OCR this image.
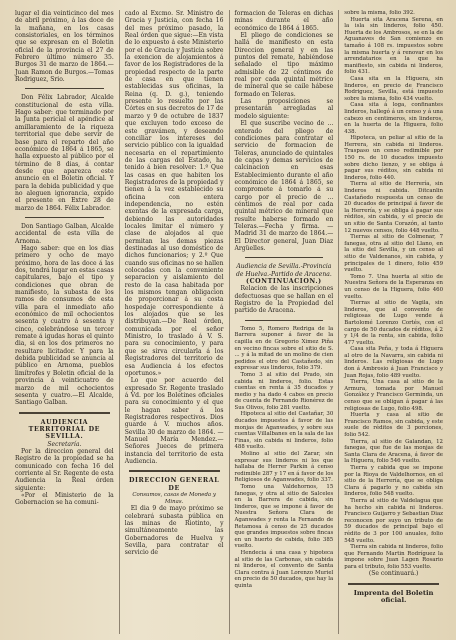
lugar el dia veinticinco del mes de abril próximo, á las doce de la mañana, en los casas consistoriales, en los términos que se expresan en el Boletin oficial de la provincia el 27 de Febrero último número 35. Burgos 31 de marzo de 1864.—Juan Ramon de Burgos.—Tomas Rodriguez, Srio.

Don Félix Labrador, Alcalde constitucional de esta villa. Hago saber: que terminado por la Junta pericial el apéndice al amillaramiento de la riqueza territorial que debe servir de base para el reparto del año económico de 1864 á 1865, se halla expuesto al público por el término de 8 dias, á contar desde que aparezca este anuncio en el Boletin oficial. Y para la debida publicidad y que no aleguen ignorancia, expido el presente en Extre 28 de marzo de 1864. Félix Labrador.

Don Santiago Galban, Alcalde accidental de esta villa de Arnoma.

Hago saber: que en los dias primero y ocho de mayo próximo, hora de las doce á las dos, tendrá lugar en estas casas capitulares, bajo el tipo y condiciones que obran de manifiesto, la subasta de los ramos de consumos de esta villa para el inmediato año económico de mil ochocientos sesenta y cuatro á sesenta y cinco, celebrándose un tercer remate á igudas horas el quinto dia, si en los dos primeros no resultare licitador. Y para la debida publicidad se anuncia al público en Arnoma, pueblos limítrofes y Boletin oficial de la provincia á veinticuatro de marzo de mil ochocientos sesenta y cuatro.—El Alcalde, Santiago Galban.

AUDIENCIA TERRITORIAL DE SEVILLA.

Secretaría.

Por la direccion general del Registro de la propiedad se ha comunicado con fecha 16 del corriente al Sr. Regente de esta Audiencia la Real órden siguiente:

«Por el Ministerio de la Gobernacion se ha comuni-

cado al Excmo. Sr. Ministro de Gracia y Justicia, con fecha 16 del mes próximo pasado, la Real órden que sigue:—En vista de lo expuesto á este Ministerio por el de Gracia y Justicia sobre la exencion de alojamientos á favor de los Registradores de la propiedad respecto de la parte de casa en que tienen establecidas sus oficinas, la Reina (q. D. g.), teniendo presente lo resuelto por las Córtes en sus decretos de 17 de marzo y 9 de octubre de 1837 que excluyen todo exceso de este gravámen, y deseando conciliar los intereses del servicio público con la igualdad necesaria en el repartimiento de las cargas del Estado, ha tenido á bien resolver: 1.º Que las casas en que habiten los Registradores de la propiedad y tienen á la vez establecido su oficina con entera independencia, no estén exentas de la expresada carga, debiendo las autoridades locales limitar el número y clase de alojados al que permitan las demas piezas destinadas al uso doméstico de dichos funcionarios; y 2.º Que cuando sus oficinas no se hallen colocadas con la conveniente separacion y aislamiento del resto de la casa habitada por los mismos tengan obligacion de proporcionar á su costa hospedaje correspondiente á los alojados que se les distribuyan.—De Real órden, comunicada por el señor Ministro, lo traslado á V. S. para su conocimiento, y para que se sirva circularla á los Registradores del territorio de esa Audiencia á los efectos oportunos.»

Lo que por acuerdo del expresado Sr. Regente traslado á Vd. por los Boletines oficiales para su conocimiento y el que le hagan saber á los Registradores respectivos. Dios guarde á V. muchos años. Sevilla 30 de marzo de 1864. —Manuel María Mendez.—Señores Jueces de primera instancia del territorio de esta Audiencia.

DIRECCION GENERAL DE

Consumos, casas de Moneda y Minas.

El dia 9 de mayo próximo se celebrará subasta pública en las minas de Riotinto, y simultáneamente las Gobernadores de Huelva y Sevilla, para contratar el servicio de

formacion de Teleras en dichas minas durante el año económico de 1864 á 1865.

El pliego de condiciones se hallá de manifiesto en esta Direccion general y en las puntos del remate, habiéndose señalado el tipo máximo admisible de 22 céntimos de real por cada quintal métrico de mineral que se caile hábese formado en Teleras.

Las proposiciones se presentarán arregladas al modelo siguiente:

El que suscribe vecino de ... enterado del pliego de condiciones para contratar el servicio de formacion de Teleras, anunciado de quintales de capas y demas servicios de calcinacion en esas Establecimiento durante el año económico de 1864 á 1865, se compromete á tomarlo á su cargo por el precio de ... céntimos de real por cada quintal métrico de mineral que resulte haberse formado en Teleras.—Fecha y firma. —Madrid 31 de marzo de 1864.—El Director general, Juan Diaz Argüelles.

Audiencia de Sevilla.-Provincia de Huelva.-Partido de Aracena.

(CONTINUACION.)

Relacion de las inscripciones defectuosas que se hallan en el Registro de la Propiedad del partido de Aracena.

Tomo 5, Romero Redriga de la Barrera suponer á favor de la capilla en de Gregorio Ximez Piña en vecino fincas sobre el sitio de S. ... y á la mitad de un molino de cien pedidos el otro del Castañedo, sin expresar sus linderos, folio 379.

Tomo 3 al sitio del Prado, sin cabida ni linderos, folio. Estas cuentas en renta á 35 ducados y medio y ha dado 4 cabos en precio de cuenta de Fernando Rionérez de Sus Olivos, folio 281 vuelto.

Hipoteca al sitio del Castañar, 30 ducados impuestos á favor de las monjas de Aganwades, y sobre sus cuentas Villalbanes en la sala de las Finas, sin cabida ni linderos, folio 488 vuelto.

Molino al sitio del Zarar, sin expresar sus linderos ni los que hallaba de Herrer Parkin á censo redimible 287 y 17 en á favor de los Religiosos de Aganwades, folio 337.

Tomo una Valdehornos, 15 fanegas, y otra al sitio de Salceles en la Barrera de cabida, sin linderos, que se impone á favor de Nuestra Señora Clara de Aganwades y renta la Fernando de Retamosa á censo de 25 ducados que grandes impuestos sobre fincas en un huerto de cabida, folio 385 vuelto.

Hendecia á una casa y hipoteca al sitio de las Carbonas, sin cabida ni linderos, el convento de Santa Clara contra á Juan Lorenzo Muriel en precio de 50 ducados, que hay la quinta

sobre la misma, folio 392.

Huerta sita Aracena Serena, en la isla sin linderos, folio 450. Huerta de los Ambrosos, se en la de Aguanaves de San comienzo en tamaño á 108 rs. impuestos sobre la misma huerta y á renovar en los arrendatarios en la que ha manifiesto, sin cabida ni linderos, folio 431.

Casa sita en la Higuera, sin linderos, en precio de Francisco Rodriguez, Sevilla, está impuesto sobre la misma, folio 434 vuelto.

Casa sita á loga, confinantes linderos, hallegó á un censo y á una cabezo en centimeros, sin linderos, en la huerta de la Higuera, folio 438.

Hipoteca, un peliar al sitio de la Herrera, sin cabida ni linderos. Traspaso un censo redimible por 150 rs. de 10 ducados impuesto sobre dicho lienzo, y se obliga á pagar sus réditos, sin cabida ni linderos, folio 440.

Tierra al sitio de Herrería, sin linderos ni cabida. Ditcanlin Castañedo respuesta un censo de 20 ducados de principal á favor de la Herrería, y se obliga á pagar sus réditos, sin cabida, y el precio de un sitio de Santa Corazón, al tanto 12 nuevos censos, folio 448 vuelto.

Tierras al sitio de Colmenar, 7 fanegas, otra al sitio del Llano, en la sitio del Sevilla, y un censo al sitio de Valdenanos, sin cabida, y principales de 1 dinero, folio 459 vuelto.

Tomo 7. Una huerta al sitio de Nuestra Señora de la Esperanza en un censo de la Higuera, folio 460 vuelto.

Tierras al sitio de Vagila, sin linderos, que al convento de religiosas de Lugo vende á Bartolomé Lorenzo Cortés, con el cargo de 50 ducados de réditos, á 2 y 1/4 de la renta, sin cabida, folio 477 vuelto.

Casa sita Peña, y toda á Higuera al otro de la Navarra, sin cabida ni linderos. Las religiosas de Lugo don á Ambrosio á Juan Francisco y Juan Rojas, folio 489 vuelto.

Tierra, Una casa al sitio de la Armura, tomada por Manuel González y Francisco Germinda, un censo que se obligan á pagar á las religiosas de Lugo, folio 498.

Huerta y casa al sitio de Francisco Ramos, sin cabida, y este suele de réditos de 3 porciones, folio 542.

Tierra, al sitio de Galandan, 12 fanegas, que fue de las monjas de Santa Clara de Aracena, á favor de la Higuera, folio 546 vuelto.

Tierra y cabida que se impone por la Rioya de Valdelhornos, en el sitio de la Herrería, que se obliga Clara á pagarlo y no cabida sin linderos, folio 548 vuelto.

Tierra al sitio de Valdelagua que ha hecho sin cabida ni linderos. Francisco Guijarro y Sebastian Diaz reconocen por suyo un tributo de 59 ducados de principal bajo el rédito de 3 por 100 anuales, folio 548 vuelto.

Tierra sin cabida ni linderos, folio que Fernando Martin Rodríguez la impone sobre Juan Lagen Rosario para el tributo, folio 553 vuelto.

(Se continuará.)

Imprenta del Boletin oficial.
